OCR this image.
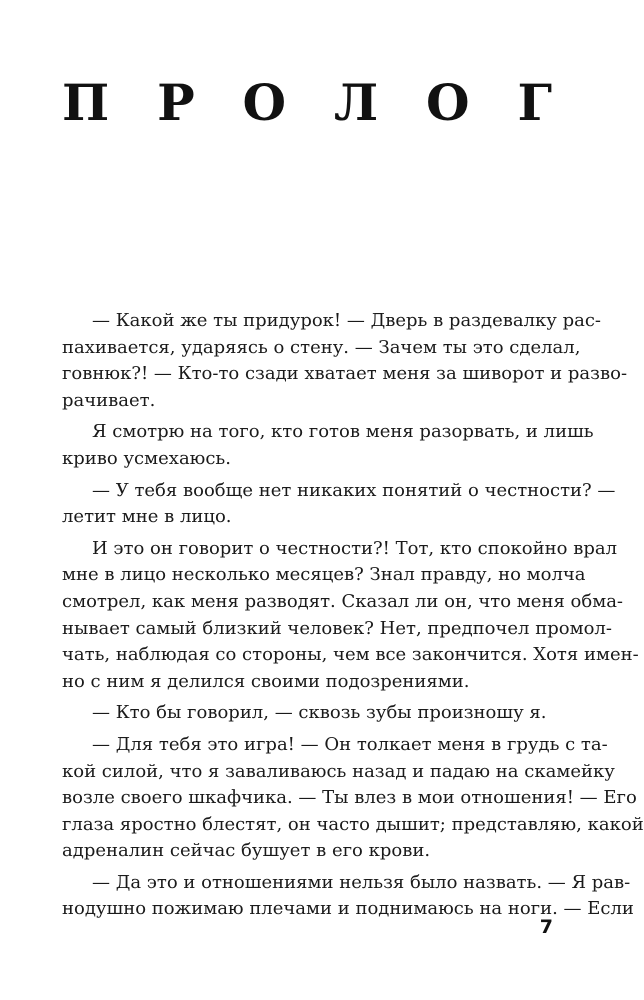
П Р О Л О Г
— Какой же ты придурок! — Дверь в раздевалку рас-
пахивается, ударяясь о стену. — Зачем ты это сделал,
говнюк?! — Кто-то сзади хватает меня за шиворот и разво-
рачивает.
Я смотрю на того, кто готов меня разорвать, и лишь
криво усмехаюсь.
— У тебя вообще нет никаких понятий о честности? —
летит мне в лицо.
И это он говорит о честности?! Тот, кто спокойно врал
мне в лицо несколько месяцев? Знал правду, но молча
смотрел, как меня разводят. Сказал ли он, что меня обма-
нывает самый близкий человек? Нет, предпочел промол-
чать, наблюдая со стороны, чем все закончится. Хотя имен-
но с ним я делился своими подозрениями.
— Кто бы говорил, — сквозь зубы произношу я.
— Для тебя это игра! — Он толкает меня в грудь с та-
кой силой, что я заваливаюсь назад и падаю на скамейку
возле своего шкафчика. — Ты влез в мои отношения! — Его
глаза яростно блестят, он часто дышит; представляю, какой
адреналин сейчас бушует в его крови.
— Да это и отношениями нельзя было назвать. — Я рав-
нодушно пожимаю плечами и поднимаюсь на ноги. — Если
7
